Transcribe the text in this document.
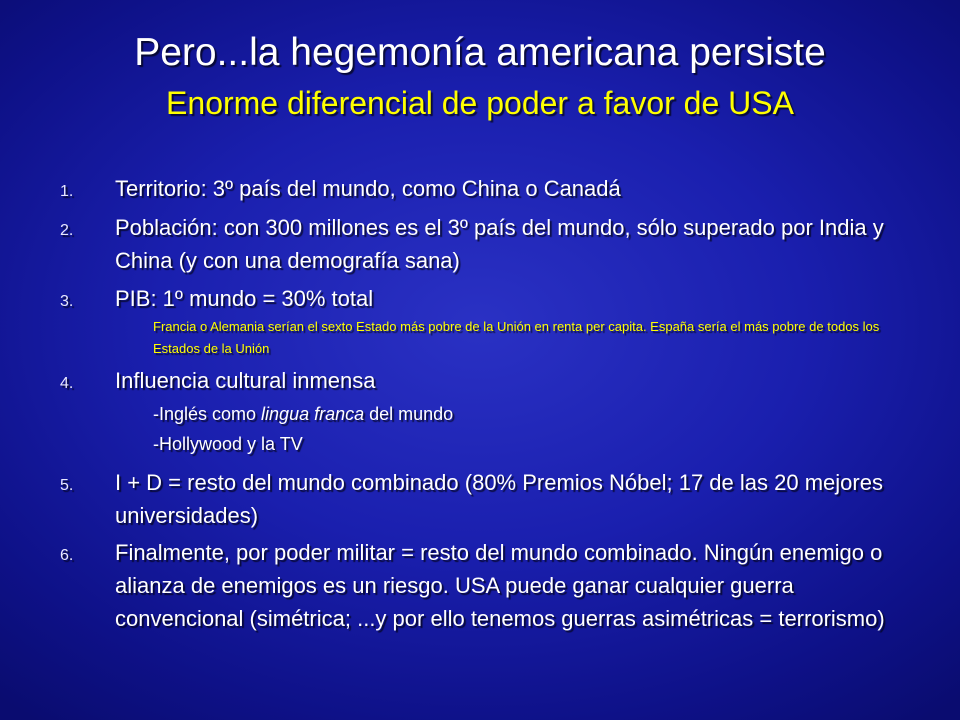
Pero...la hegemonía americana persiste
Enorme diferencial de poder a favor de USA
1.	Territorio: 3º país del mundo, como China o Canadá
2.	Población: con 300 millones es el 3º país del mundo, sólo superado por India y China (y con una demografía sana)
3.	PIB: 1º mundo = 30% total
Francia o Alemania serían el sexto Estado más pobre de la Unión en renta per capita. España sería el más pobre de todos los Estados de la Unión
4.	Influencia cultural inmensa
-Inglés como lingua franca del mundo
-Hollywood y la TV
5.	I + D = resto del mundo combinado (80% Premios Nóbel; 17 de las 20 mejores universidades)
6.	Finalmente, por poder militar = resto del mundo combinado. Ningún enemigo o alianza de enemigos es un riesgo. USA puede ganar cualquier guerra convencional (simétrica; ...y por ello tenemos guerras asimétricas = terrorismo)
